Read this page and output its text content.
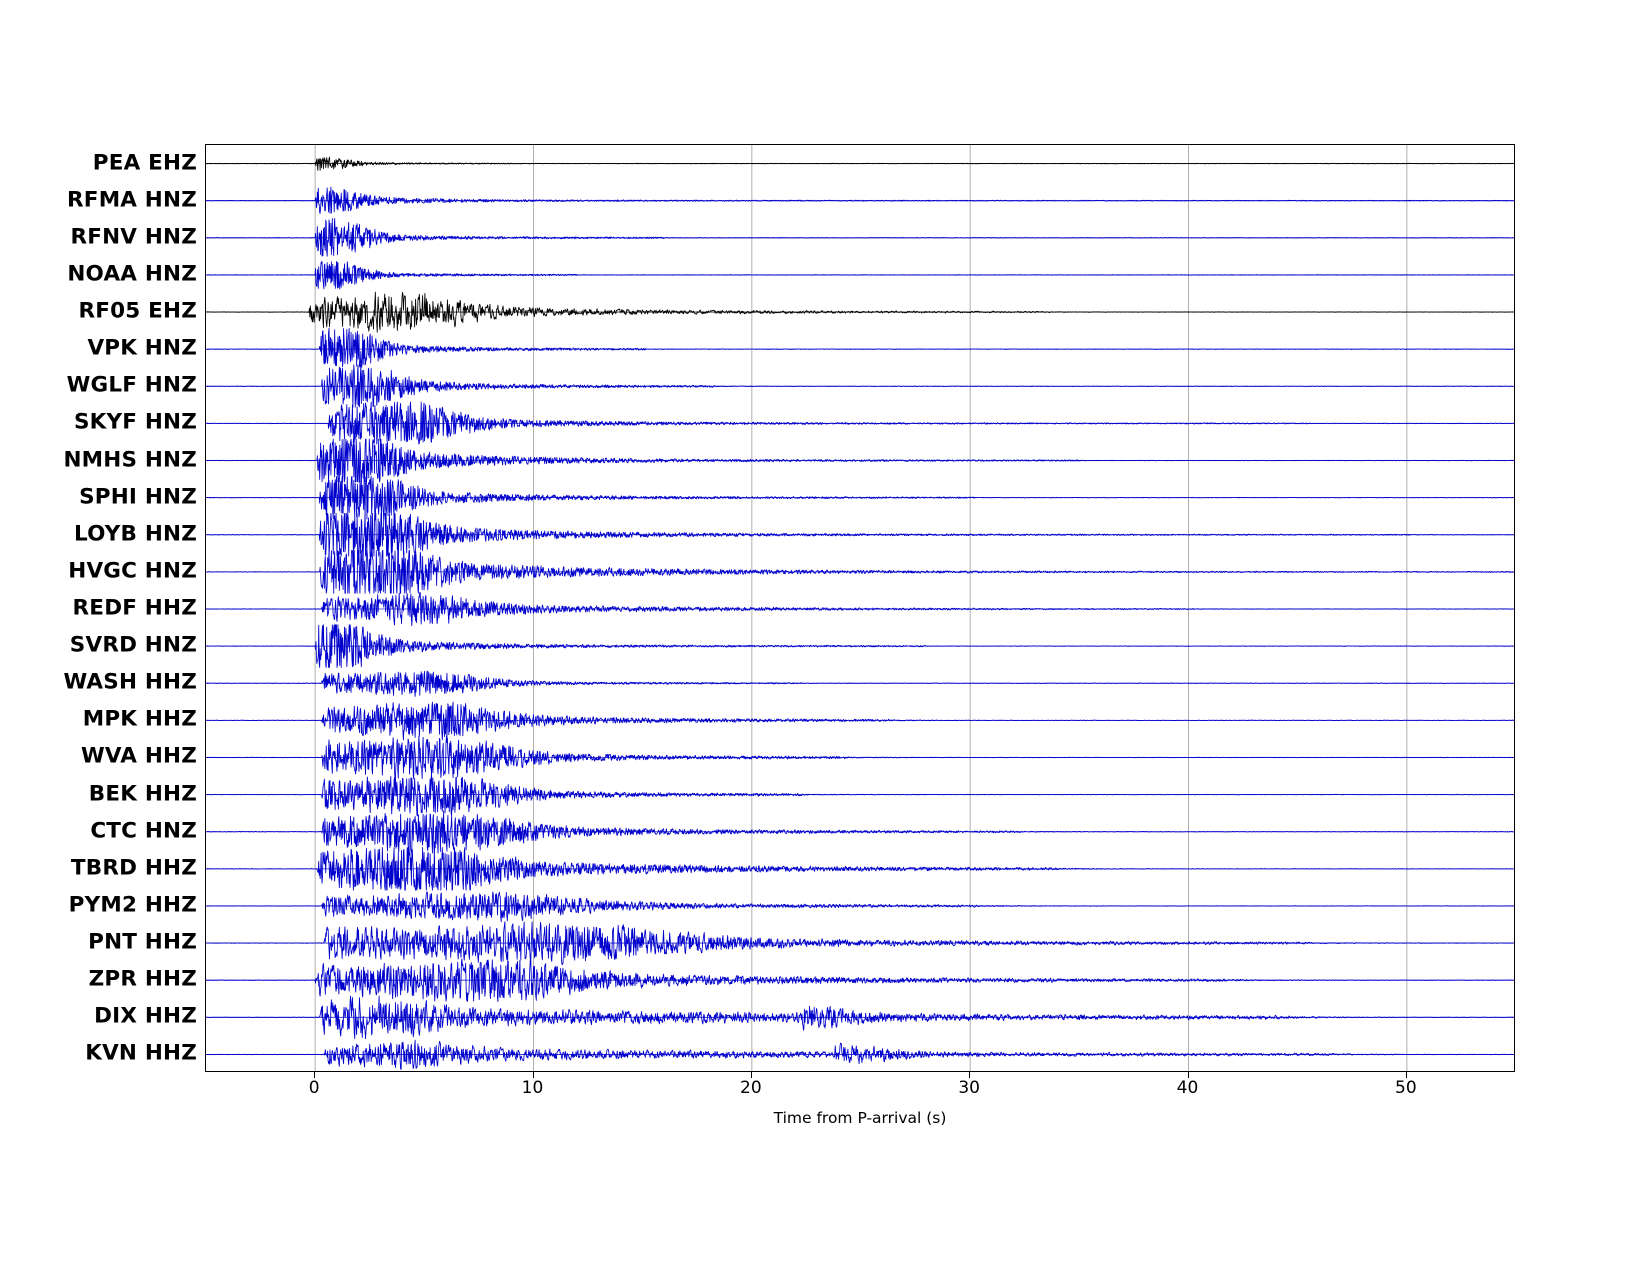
PEA EHZ
RFMA HNZ
RFNV HNZ
NOAA HNZ
RF05 EHZ
VPK HNZ
WGLF HNZ
SKYF HNZ
NMHS HNZ
SPHI HNZ
LOYB HNZ
HVGC HNZ
REDF HHZ
SVRD HNZ
WASH HHZ
MPK HHZ
WVA HHZ
BEK HHZ
CTC HNZ
TBRD HHZ
PYM2 HHZ
PNT HHZ
ZPR HHZ
DIX HHZ
KVN HHZ
0	10	20	30	40	50
Time from P-arrival (s)
